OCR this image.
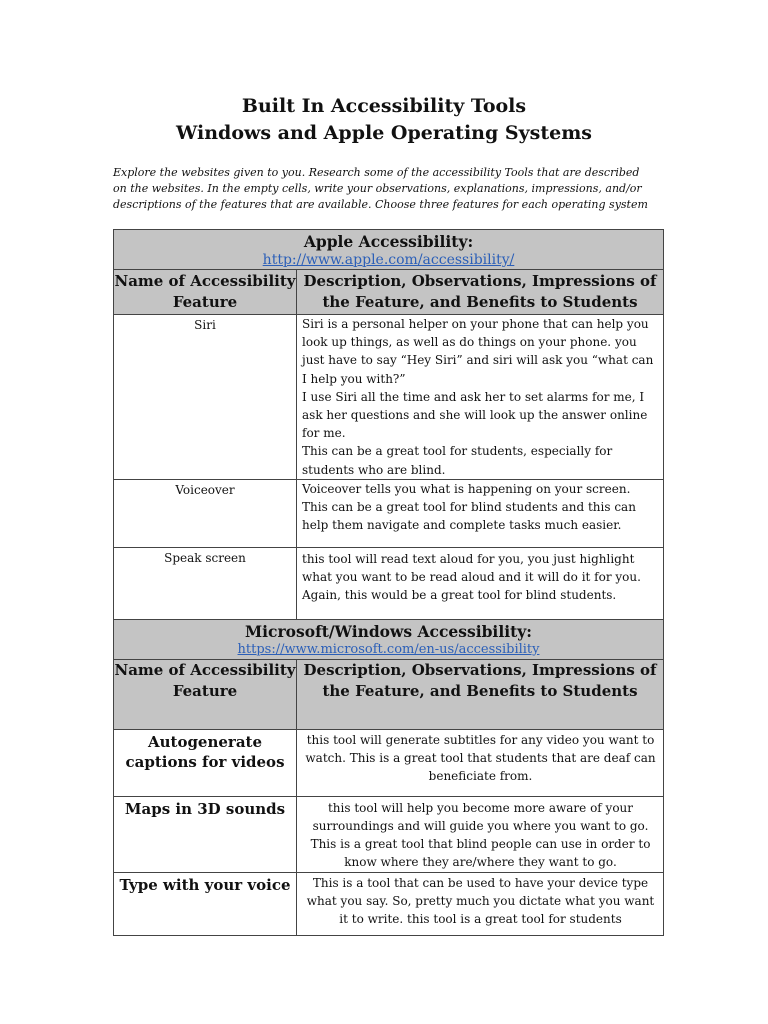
Built In Accessibility Tools
Windows and Apple Operating Systems
Explore the websites given to you. Research some of the accessibility Tools that are described on the websites. In the empty cells, write your observations, explanations, impressions, and/or descriptions of the features that are available. Choose three features for each operating system
Apple Accessibility:
http://www.apple.com/accessibility/	

Name of Accessibility Feature	Description, Observations, Impressions of the Feature, and Benefits to Students
Siri	Siri is a personal helper on your phone that can help you look up things, as well as do things on your phone. you just have to say “Hey Siri” and siri will ask you “what can I help you with?”

I use Siri all the time and ask her to set alarms for me, I ask her questions and she will look up the answer online for me.

This can be a great tool for students, especially for students who are blind.

Voiceover	Voiceover tells you what is happening on your screen. This can be a great tool for blind students and this can help them navigate and complete tasks much easier.

Speak screen	this tool will read text aloud for you, you just highlight what you want to be read aloud and it will do it for you. Again, this would be a great tool for blind students.

Microsoft/Windows Accessibility:
https://www.microsoft.com/en-us/accessibility	

Name of Accessibility Feature	Description, Observations, Impressions of the Feature, and Benefits to Students
Autogenerate captions for videos	this tool will generate subtitles for any video you want to watch. This is a great tool that students that are deaf can beneficiate from.
Maps in 3D sounds	this tool will help you become more aware of your surroundings and will guide you where you want to go. This is a great tool that blind people can use in order to know where they are/where they want to go.
Type with your voice	This is a tool that can be used to have your device type what you say. So, pretty much you dictate what you want it to write. this tool is a great tool for students
